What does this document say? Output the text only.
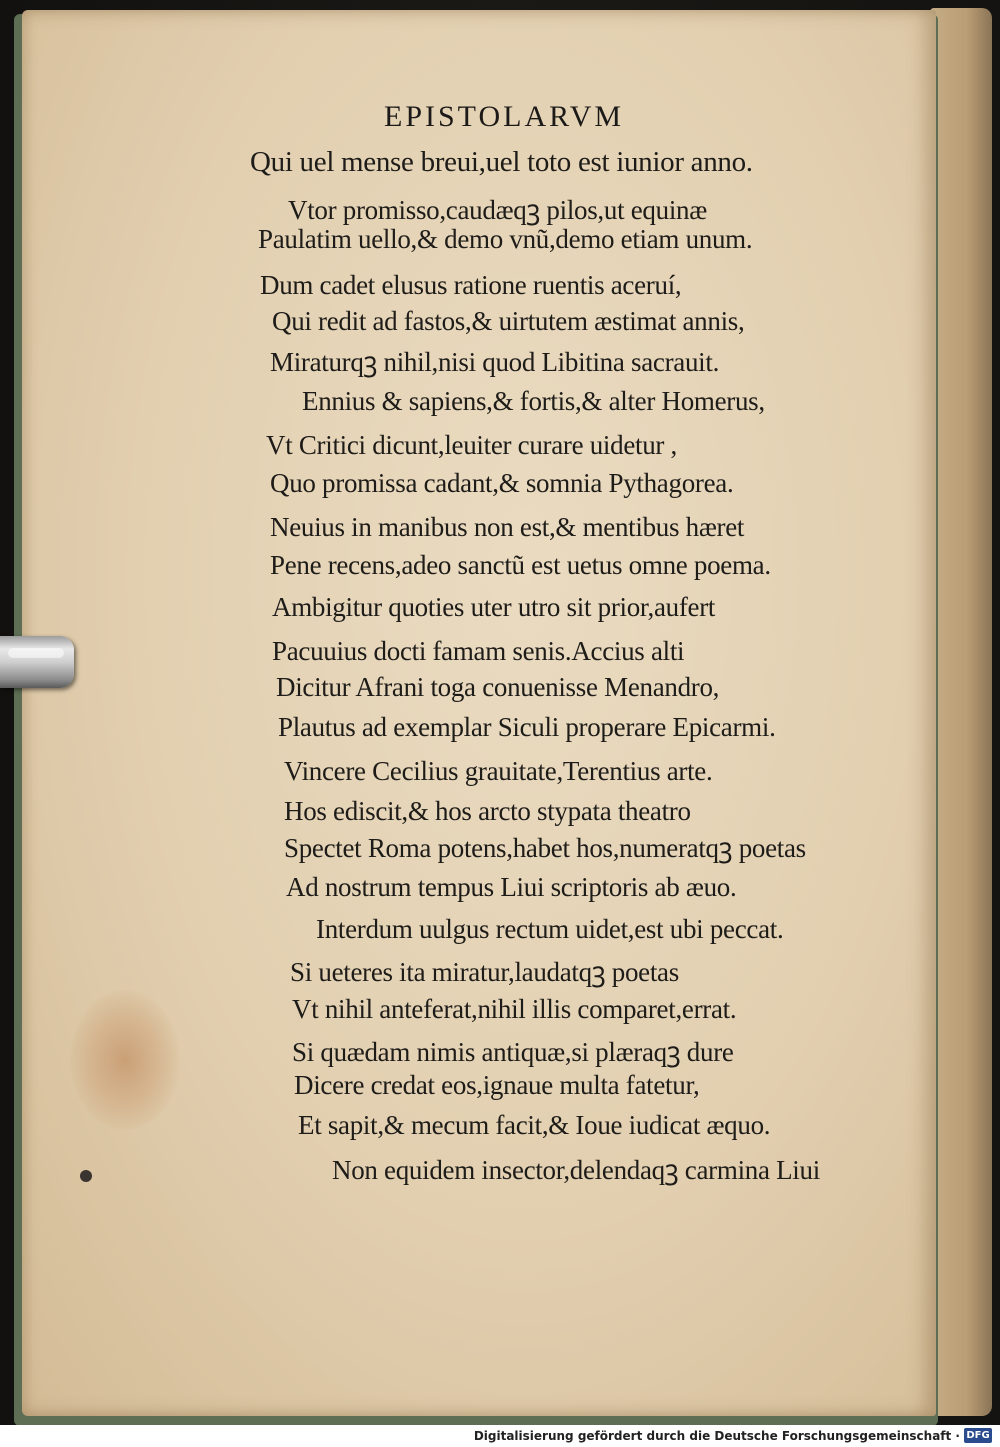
EPISTOLARVM
Qui uel mense breui,uel toto est iunior anno.
Vtor promisso,caudæqꝫ pilos,ut equinæ
Paulatim uello,& demo vnũ,demo etiam unum.
Dum cadet elusus ratione ruentis aceruí,
Qui redit ad fastos,& uirtutem æstimat annis,
Miraturqꝫ nihil,nisi quod Libitina sacrauit.
Ennius & sapiens,& fortis,& alter Homerus,
Vt Critici dicunt,leuiter curare uidetur ,
Quo promissa cadant,& somnia Pythagorea.
Neuius in manibus non est,& mentibus hæret
Pene recens,adeo sanctũ est uetus omne poema.
Ambigitur quoties uter utro sit prior,aufert
Pacuuius docti famam senis.Accius alti
Dicitur Afrani toga conuenisse Menandro,
Plautus ad exemplar Siculi properare Epicarmi.
Vincere Cecilius grauitate,Terentius arte.
Hos ediscit,& hos arcto stypata theatro
Spectet Roma potens,habet hos,numeratqꝫ poetas
Ad nostrum tempus Liui scriptoris ab æuo.
Interdum uulgus rectum uidet,est ubi peccat.
Si ueteres ita miratur,laudatqꝫ poetas
Vt nihil anteferat,nihil illis comparet,errat.
Si quædam nimis antiquæ,si plæraqꝫ dure
Dicere credat eos,ignaue multa fatetur,
Et sapit,& mecum facit,& Ioue iudicat æquo.
Non equidem insector,delendaqꝫ carmina Liui
Digitalisierung gefördert durch die Deutsche Forschungsgemeinschaft · DFG
